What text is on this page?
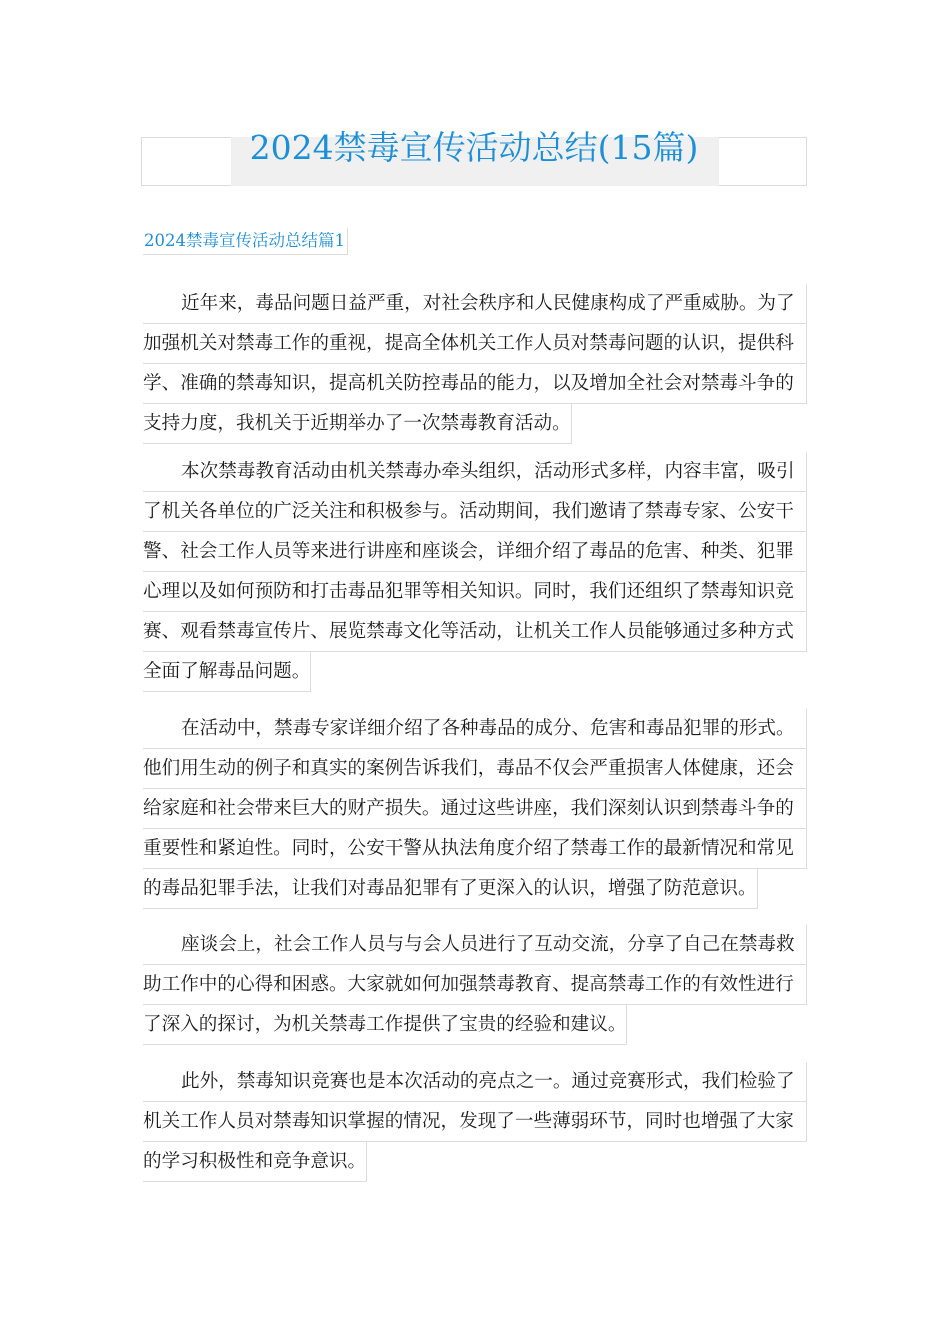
2024禁毒宣传活动总结(15篇)
2024禁毒宣传活动总结篇1
近年来，毒品问题日益严重，对社会秩序和人民健康构成了严重威胁。为了
加强机关对禁毒工作的重视，提高全体机关工作人员对禁毒问题的认识，提供科
学、准确的禁毒知识，提高机关防控毒品的能力，以及增加全社会对禁毒斗争的
支持力度，我机关于近期举办了一次禁毒教育活动。
本次禁毒教育活动由机关禁毒办牵头组织，活动形式多样，内容丰富，吸引
了机关各单位的广泛关注和积极参与。活动期间，我们邀请了禁毒专家、公安干
警、社会工作人员等来进行讲座和座谈会，详细介绍了毒品的危害、种类、犯罪
心理以及如何预防和打击毒品犯罪等相关知识。同时，我们还组织了禁毒知识竞
赛、观看禁毒宣传片、展览禁毒文化等活动，让机关工作人员能够通过多种方式
全面了解毒品问题。
在活动中，禁毒专家详细介绍了各种毒品的成分、危害和毒品犯罪的形式。
他们用生动的例子和真实的案例告诉我们，毒品不仅会严重损害人体健康，还会
给家庭和社会带来巨大的财产损失。通过这些讲座，我们深刻认识到禁毒斗争的
重要性和紧迫性。同时，公安干警从执法角度介绍了禁毒工作的最新情况和常见
的毒品犯罪手法，让我们对毒品犯罪有了更深入的认识，增强了防范意识。
座谈会上，社会工作人员与与会人员进行了互动交流，分享了自己在禁毒救
助工作中的心得和困惑。大家就如何加强禁毒教育、提高禁毒工作的有效性进行
了深入的探讨，为机关禁毒工作提供了宝贵的经验和建议。
此外，禁毒知识竞赛也是本次活动的亮点之一。通过竞赛形式，我们检验了
机关工作人员对禁毒知识掌握的情况，发现了一些薄弱环节，同时也增强了大家
的学习积极性和竞争意识。
